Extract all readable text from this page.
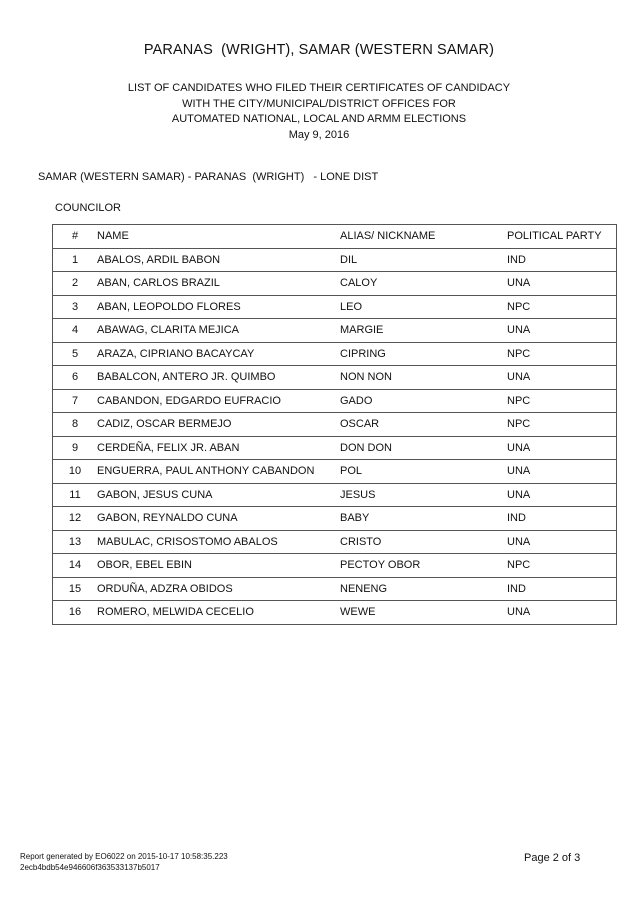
PARANAS  (WRIGHT), SAMAR (WESTERN SAMAR)
LIST OF CANDIDATES WHO FILED THEIR CERTIFICATES OF CANDIDACY
WITH THE CITY/MUNICIPAL/DISTRICT OFFICES FOR
AUTOMATED NATIONAL, LOCAL AND ARMM ELECTIONS
May 9, 2016
SAMAR (WESTERN SAMAR) - PARANAS  (WRIGHT)   - LONE DIST
COUNCILOR
#	NAME	ALIAS/ NICKNAME	POLITICAL PARTY
1	ABALOS, ARDIL BABON	DIL	IND
2	ABAN, CARLOS BRAZIL	CALOY	UNA
3	ABAN, LEOPOLDO FLORES	LEO	NPC
4	ABAWAG, CLARITA MEJICA	MARGIE	UNA
5	ARAZA, CIPRIANO BACAYCAY	CIPRING	NPC
6	BABALCON, ANTERO JR. QUIMBO	NON NON	UNA
7	CABANDON, EDGARDO EUFRACIO	GADO	NPC
8	CADIZ, OSCAR BERMEJO	OSCAR	NPC
9	CERDEÑA, FELIX JR. ABAN	DON DON	UNA
10	ENGUERRA, PAUL ANTHONY CABANDON	POL	UNA
11	GABON, JESUS CUNA	JESUS	UNA
12	GABON, REYNALDO CUNA	BABY	IND
13	MABULAC, CRISOSTOMO ABALOS	CRISTO	UNA
14	OBOR, EBEL EBIN	PECTOY OBOR	NPC
15	ORDUÑA, ADZRA OBIDOS	NENENG	IND
16	ROMERO, MELWIDA CECELIO	WEWE	UNA
Report generated by EO6022 on 2015-10-17 10:58:35.223
2ecb4bdb54e946606f363533137b5017
Page 2 of 3
